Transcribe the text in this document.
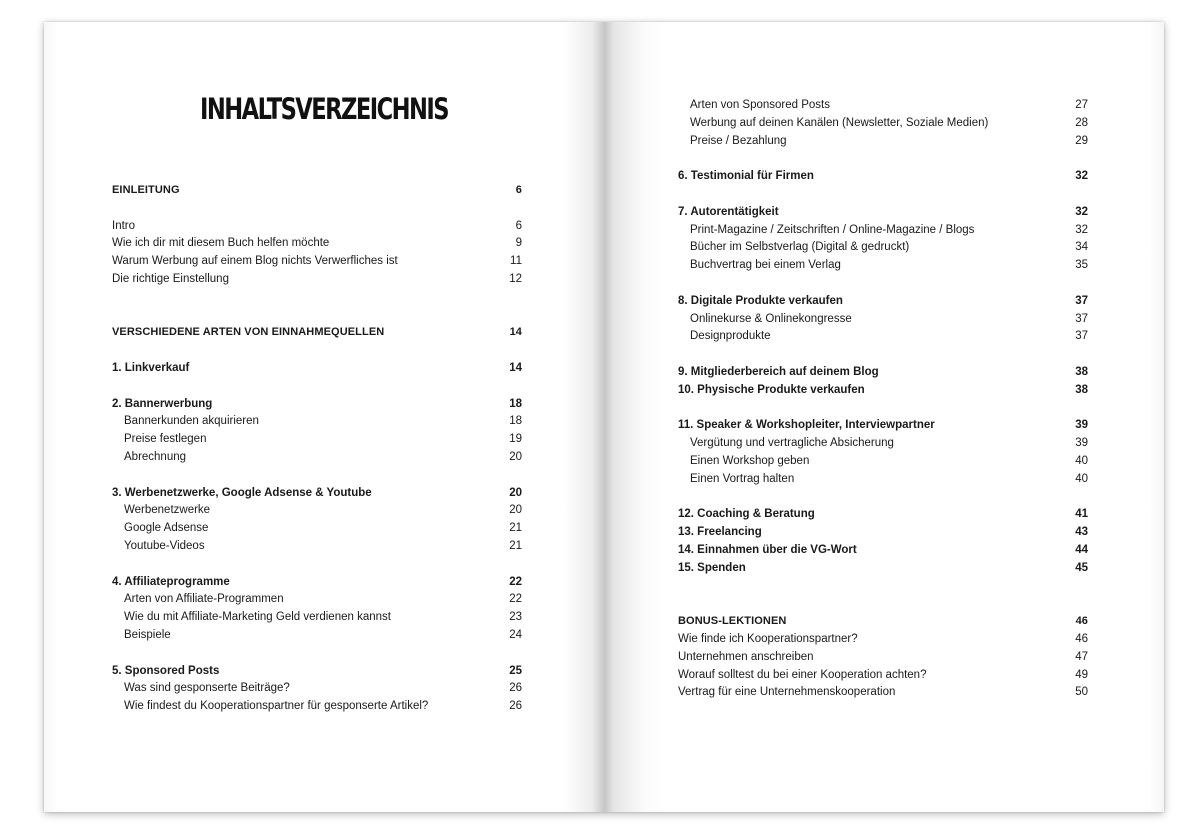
INHALTSVERZEICHNIS
EINLEITUNG	6
Intro	6
Wie ich dir mit diesem Buch helfen möchte	9
Warum Werbung auf einem Blog nichts Verwerfliches ist	11
Die richtige Einstellung	12
VERSCHIEDENE ARTEN VON EINNAHMEQUELLEN	14
1. Linkverkauf	14
2. Bannerwerbung	18
Bannerkunden akquirieren	18
Preise festlegen	19
Abrechnung	20
3. Werbenetzwerke, Google Adsense & Youtube	20
Werbenetzwerke	20
Google Adsense	21
Youtube-Videos	21
4. Affiliateprogramme	22
Arten von Affiliate-Programmen	22
Wie du mit Affiliate-Marketing Geld verdienen kannst	23
Beispiele	24
5. Sponsored Posts	25
Was sind gesponserte Beiträge?	26
Wie findest du Kooperationspartner für gesponserte Artikel?	26
Arten von Sponsored Posts	27
Werbung auf deinen Kanälen (Newsletter, Soziale Medien)	28
Preise / Bezahlung	29
6. Testimonial für Firmen	32
7. Autorentätigkeit	32
Print-Magazine / Zeitschriften / Online-Magazine / Blogs	32
Bücher im Selbstverlag (Digital & gedruckt)	34
Buchvertrag bei einem Verlag	35
8. Digitale Produkte verkaufen	37
Onlinekurse & Onlinekongresse	37
Designprodukte	37
9. Mitgliederbereich auf deinem Blog	38
10. Physische Produkte verkaufen	38
11. Speaker & Workshopleiter, Interviewpartner	39
Vergütung und vertragliche Absicherung	39
Einen Workshop geben	40
Einen Vortrag halten	40
12. Coaching & Beratung	41
13. Freelancing	43
14. Einnahmen über die VG-Wort	44
15. Spenden	45
BONUS-LEKTIONEN	46
Wie finde ich Kooperationspartner?	46
Unternehmen anschreiben	47
Worauf solltest du bei einer Kooperation achten?	49
Vertrag für eine Unternehmenskooperation	50
